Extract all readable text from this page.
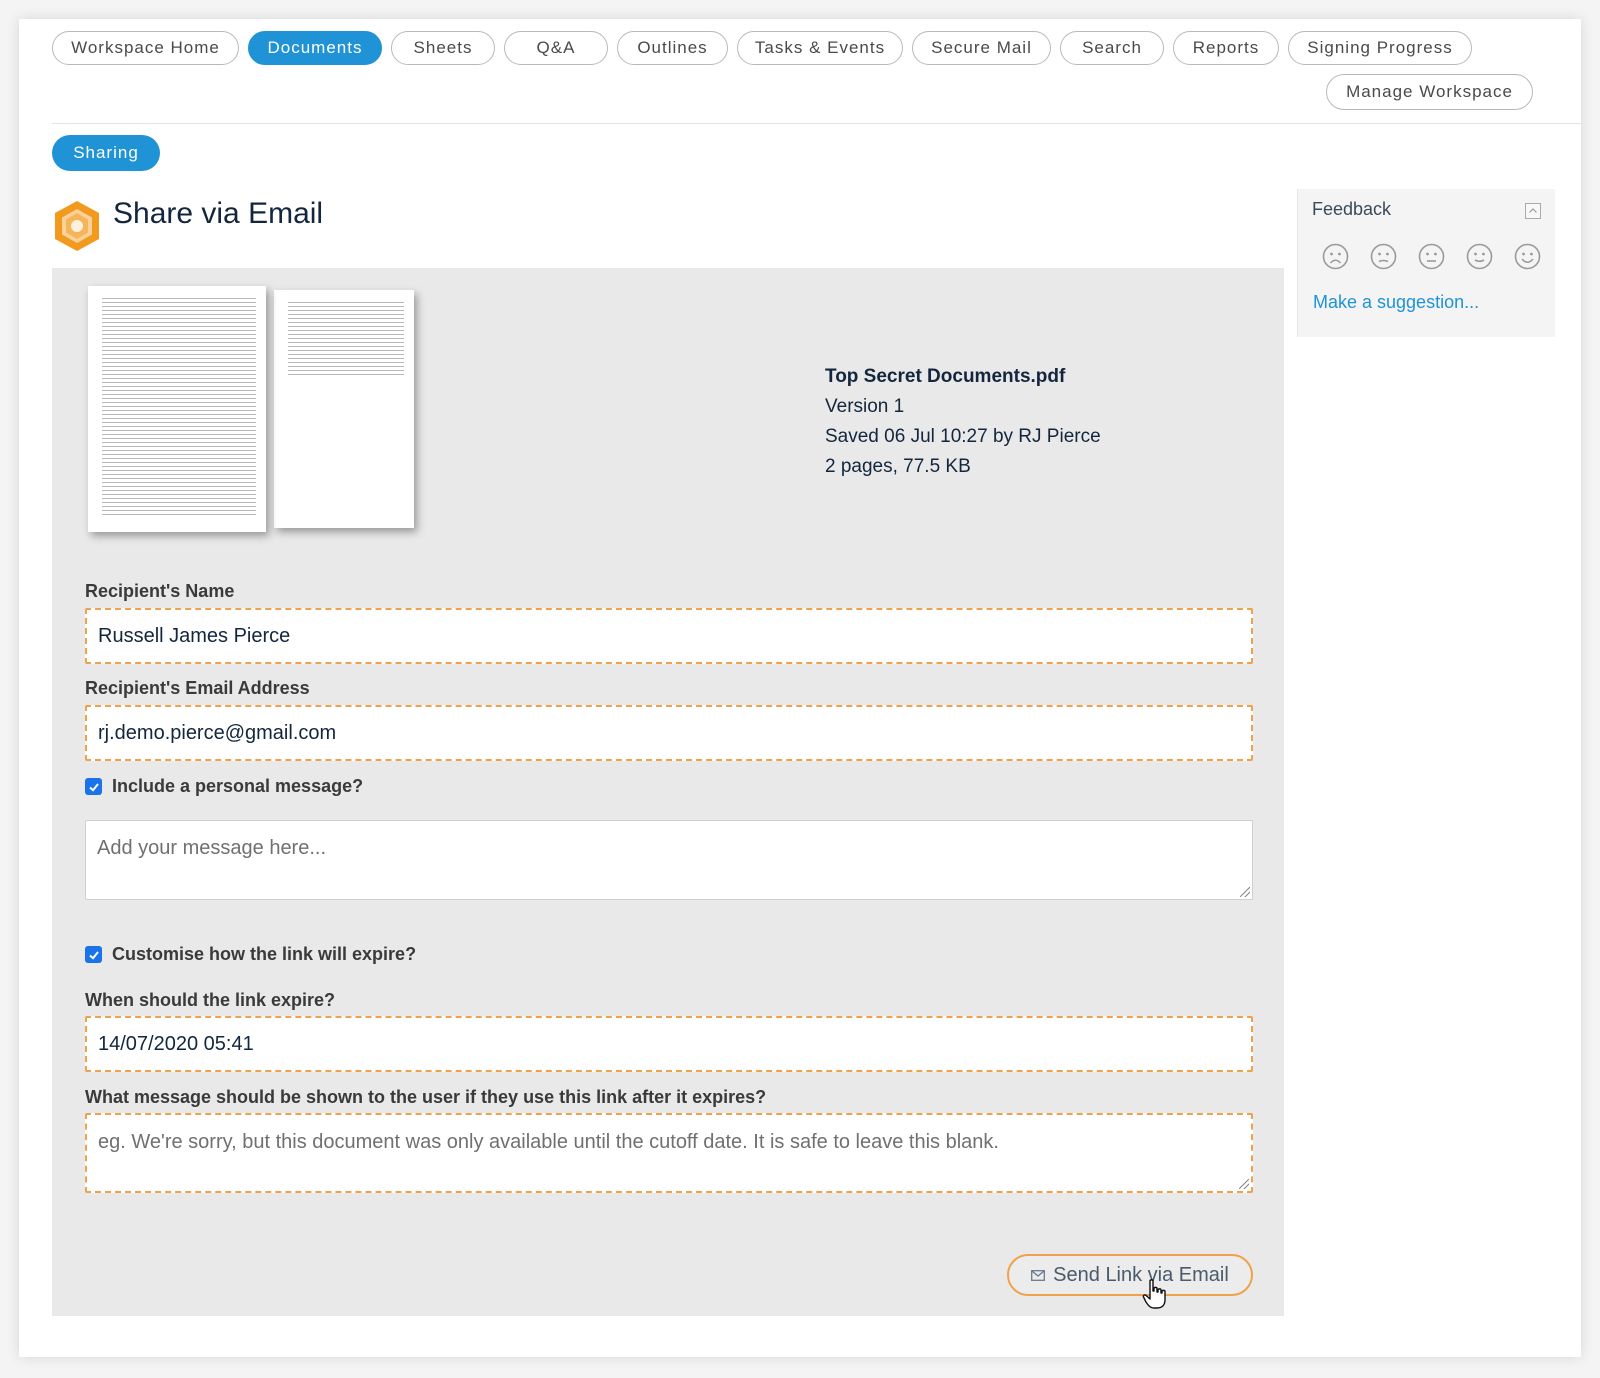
Workspace Home	Documents	Sheets	Q&A	Outlines	Tasks & Events	Secure Mail	Search	Reports	Signing Progress
Manage Workspace
Sharing
Share via Email
Top Secret Documents.pdf
Version 1
Saved 06 Jul 10:27 by RJ Pierce
2 pages, 77.5 KB
Recipient's Name
Russell James Pierce
Recipient's Email Address
rj.demo.pierce@gmail.com
Include a personal message?
Add your message here...
Customise how the link will expire?
When should the link expire?
14/07/2020 05:41
What message should be shown to the user if they use this link after it expires?
eg. We're sorry, but this document was only available until the cutoff date. It is safe to leave this blank.
Send Link via Email
Feedback
Make a suggestion...
